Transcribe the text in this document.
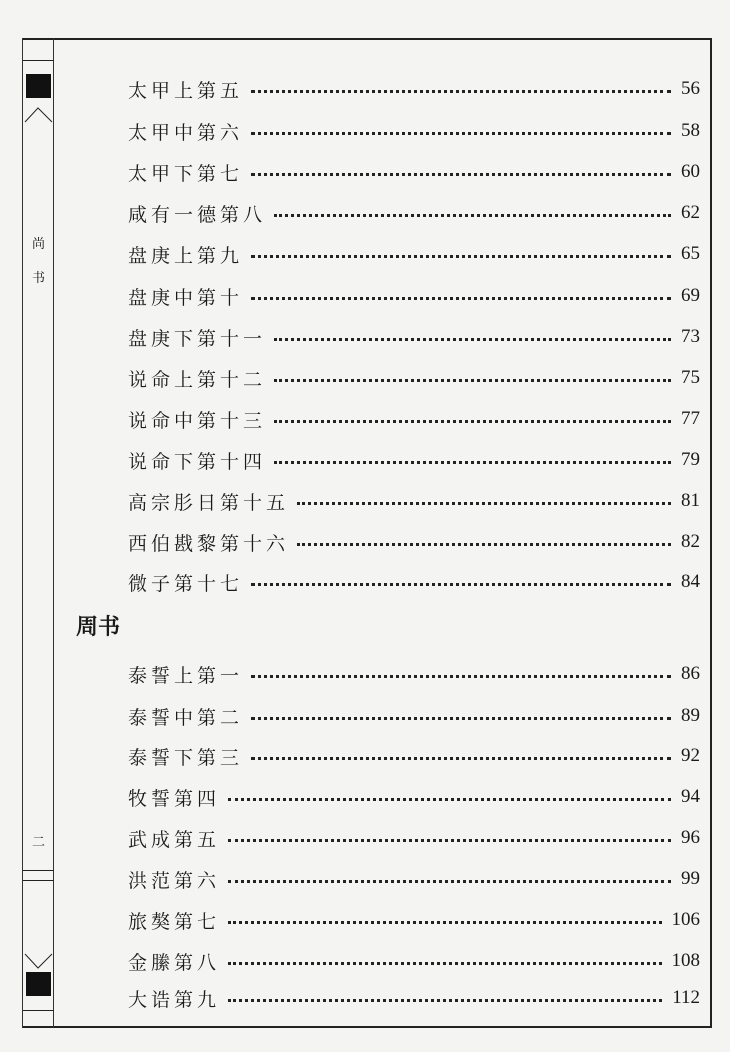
尚
书
二
太甲上第五	56
太甲中第六	58
太甲下第七	60
咸有一德第八	62
盘庚上第九	65
盘庚中第十	69
盘庚下第十一	73
说命上第十二	75
说命中第十三	77
说命下第十四	79
高宗肜日第十五	81
西伯戡黎第十六	82
微子第十七	84
周书
泰誓上第一	86
泰誓中第二	89
泰誓下第三	92
牧誓第四	94
武成第五	96
洪范第六	99
旅獒第七	106
金縢第八	108
大诰第九	112
